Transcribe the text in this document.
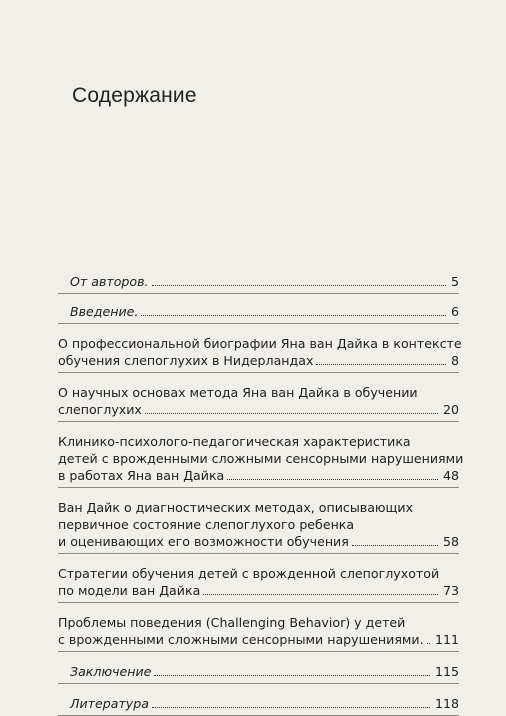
Содержание
От авторов.	5
Введение.	6
О профессиональной биографии Яна ван Дайка в контексте
обучения слепоглухих в Нидерландах	8
О научных основах метода Яна ван Дайка в обучении
слепоглухих	20
Клинико-психолого-педагогическая характеристика
детей с врожденными сложными сенсорными нарушениями
в работах Яна ван Дайка	48
Ван Дайк о диагностических методах, описывающих
первичное состояние слепоглухого ребенка
и оценивающих его возможности обучения	58
Стратегии обучения детей с врожденной слепоглухотой
по модели ван Дайка	73
Проблемы поведения (Challenging Behavior) у детей
с врожденными сложными сенсорными нарушениями. 111
Заключение	115
Литература	118
